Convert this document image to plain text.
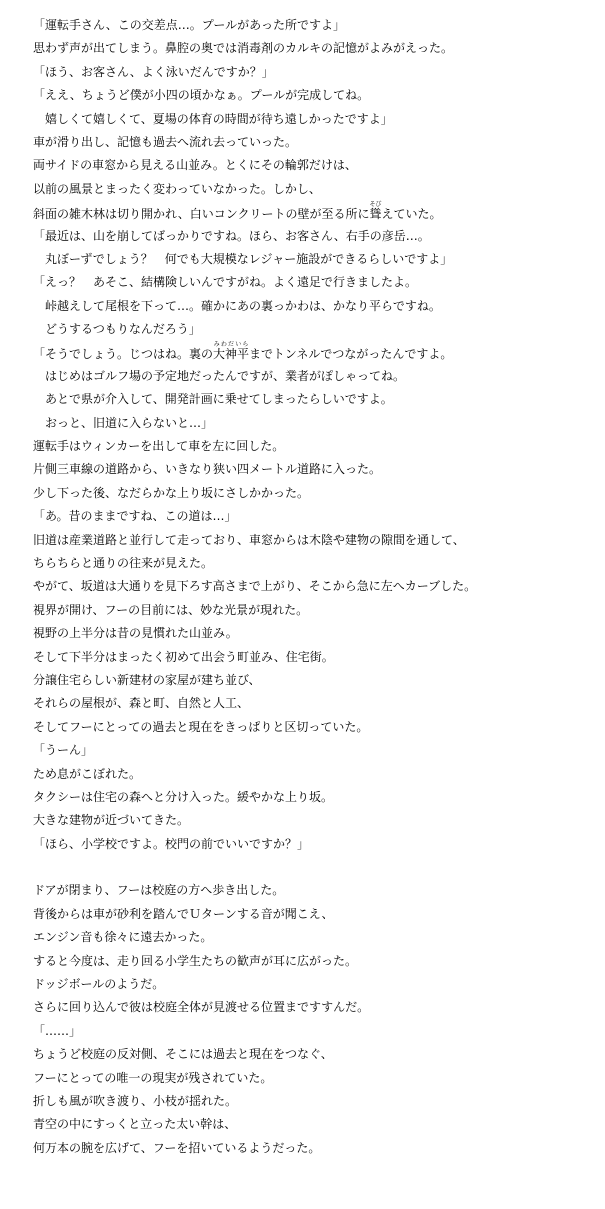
「運転手さん、この交差点…。プールがあった所ですよ」
思わず声が出てしまう。鼻腔の奥では消毒剤のカルキの記憶がよみがえった。
「ほう、お客さん、よく泳いだんですか？」
「ええ、ちょうど僕が小四の頃かなぁ。プールが完成してね。
　嬉しくて嬉しくて、夏場の体育の時間が待ち遠しかったですよ」
車が滑り出し、記憶も過去へ流れ去っていった。
両サイドの車窓から見える山並み。とくにその輪郭だけは、
以前の風景とまったく変わっていなかった。しかし、
斜面の雑木林は切り開かれ、白いコンクリートの壁が至る所に聳そびえていた。
「最近は、山を崩してばっかりですね。ほら、お客さん、右手の彦岳…。
　丸ぼーずでしょう？　何でも大規模なレジャー施設ができるらしいですよ」
「えっ？　あそこ、結構険しいんですがね。よく遠足で行きましたよ。
　峠越えして尾根を下って…。確かにあの裏っかわは、かなり平らですね。
　どうするつもりなんだろう」
「そうでしょう。じつはね。裏の大神平みわだいらまでトンネルでつながったんですよ。
　はじめはゴルフ場の予定地だったんですが、業者がぽしゃってね。
　あとで県が介入して、開発計画に乗せてしまったらしいですよ。
　おっと、旧道に入らないと…」
運転手はウィンカーを出して車を左に回した。
片側三車線の道路から、いきなり狭い四メートル道路に入った。
少し下った後、なだらかな上り坂にさしかかった。
「あ。昔のままですね、この道は…」
旧道は産業道路と並行して走っており、車窓からは木陰や建物の隙間を通して、
ちらちらと通りの往来が見えた。
やがて、坂道は大通りを見下ろす高さまで上がり、そこから急に左へカーブした。
視界が開け、フーの目前には、妙な光景が現れた。
視野の上半分は昔の見慣れた山並み。
そして下半分はまったく初めて出会う町並み、住宅街。
分譲住宅らしい新建材の家屋が建ち並び、
それらの屋根が、森と町、自然と人工、
そしてフーにとっての過去と現在をきっぱりと区切っていた。
「うーん」
ため息がこぼれた。
タクシーは住宅の森へと分け入った。緩やかな上り坂。
大きな建物が近づいてきた。
「ほら、小学校ですよ。校門の前でいいですか？」
ドアが閉まり、フーは校庭の方へ歩き出した。
背後からは車が砂利を踏んでＵターンする音が聞こえ、
エンジン音も徐々に遠去かった。
すると今度は、走り回る小学生たちの歓声が耳に広がった。
ドッジボールのようだ。
さらに回り込んで彼は校庭全体が見渡せる位置まですすんだ。
「……」
ちょうど校庭の反対側、そこには過去と現在をつなぐ、
フーにとっての唯一の現実が残されていた。
折しも風が吹き渡り、小枝が揺れた。
青空の中にすっくと立った太い幹は、
何万本の腕を広げて、フーを招いているようだった。
